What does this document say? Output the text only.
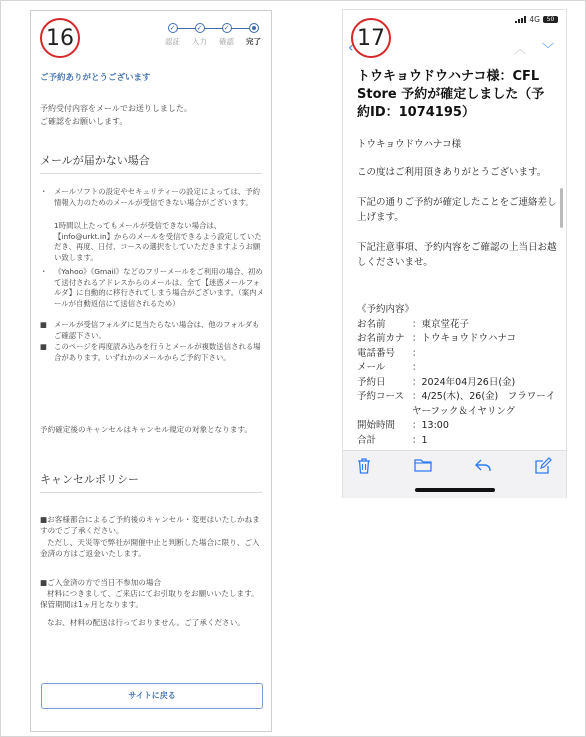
16	✓
認証
✓
入力
✓
確認	完了
ご予約ありがとうございます
予約受付内容をメールでお送りしました。
ご確認をお願いします。
メールが届かない場合
・ メールソフトの設定やセキュリティーの設定によっては、予約情報入力のためのメールが受信できない場合がございます。
1時間以上たってもメールが受信できない場合は、【info@urkt.in】からのメールを受信できるよう設定していただき、再度、日付、コースの選択をしていただきますようお願い致します。
・ 《Yahoo》《Gmail》などのフリーメールをご利用の場合、初めて送付されるアドレスからのメールは、全て【迷惑メールフォルダ】に自動的に移行されてしまう場合がございます。（案内メールが自動返信にて送信されるため）
■ メールが受信フォルダに見当たらない場合は、他のフォルダもご確認下さい。
■ このページを再度読み込みを行うとメールが複数送信される場合があります。いずれかのメールからご予約下さい。
予約確定後のキャンセルはキャンセル規定の対象となります。
キャンセルポリシー
■お客様都合によるご予約後のキャンセル・変更はいたしかねますのでご了承ください。
ただし、天災等で弊社が開催中止と判断した場合に限り、ご入金済の方はご返金いたします。
■ご入金済の方で当日不参加の場合
材料につきまして、ご来店にてお引取りをお願いいたします。保管期間は1ヵ月となります。
なお、材料の配送は行っておりません。ご了承ください。
サイトに戻る
17
4G	50
‹	︿ ﹀
トウキョウドウハナコ様：CFL Store 予約が確定しました（予約ID：1074195）
トウキョウドウハナコ様
この度はご利用頂きありがとうございます。
下記の通りご予約が確定したことをご連絡差し上げます。
下記注意事項、予約内容をご確認の上当日お越しくださいませ。
《予約内容》
お名前	：東京堂花子
お名前カナ ：トウキョウドウハナコ
電話番号 ：
メール	：
予約日	：2024年04月26日(金)
予約コース ：4/25(木)、26(金)　フラワーイヤーフック＆イヤリング
開始時間 ：13:00
合計	：1
